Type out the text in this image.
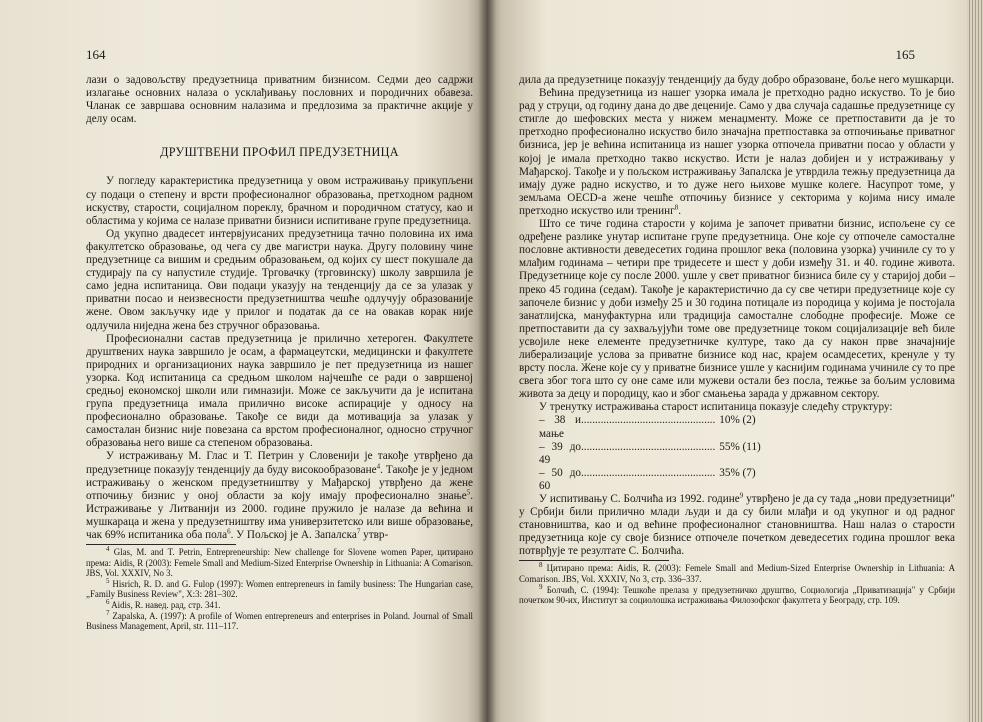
164

лази о задовољству предузетница приватним бизнисом. Седми део садржи излагање основних налаза о усклађивању пословних и породичних обавеза. Чланак се завршава основним налазима и предлозима за практичне акције у делу осам.

ДРУШТВЕНИ ПРОФИЛ ПРЕДУЗЕТНИЦА

У погледу карактеристика предузетница у овом истраживању прикупљени су подаци о степену и врсти професионалног образовања, претходном радном искуству, старости, социјалном пореклу, брачном и породичном статусу, као и областима у којима се налазе приватни бизниси испитиване групе предузетница.

Од укупно двадесет интервјуисаних предузетница тачно половина их има факултетско образовање, од чега су две магистри наука. Другу половину чине предузетнице са вишим и средњим образовањем, од којих су шест покушале да студирају па су напустиле студије. Трговачку (трговинску) школу завршила је само једна испитаница. Ови подаци указују на тенденцију да се за улазак у приватни посао и неизвесности предузетништва чешће одлучују образованије жене. Овом закључку иде у прилог и податак да се на овакав корак није одлучила ниједна жена без стручног образовања.

Професионални састав предузетница је прилично хетероген. Факултете друштвених наука завршило је осам, а фармацеутски, медицински и факултете природних и организационих наука завршило је пет предузетница из нашег узорка. Код испитаница са средњом школом најчешће се ради о завршеној средњој економској школи или гимназији. Може се закључити да је испитана група предузетница имала прилично високе аспирације у односу на професионално образовање. Такође се види да мотивација за улазак у самосталан бизнис није повезана са врстом професионалног, односно стручног образовања него више са степеном образовања.

У истраживању М. Глас и Т. Петрин у Словенији је такође утврђено да предузетнице показују тенденцију да буду високообразоване$^4$. Такође је у једном истраживању о женском предузетништву у Мађарској утврђено да жене отпочињу бизнис у оној области за коју имају професионално знање$^5$. Истраживање у Литванији из 2000. године пружило је налазе да већина и мушкараца и жена у предузетништву има универзитетско или више образовање, чак 69% испитаника оба пола$^6$. У Пољској је А. Запалска$^7$ утвр-

$^4$ Glas, M. and T. Petrin, Entrepreneurship: New challenge for Slovene women Paper, цитирано према: Aidis, R (2003): Femele Small and Medium-Sized Enterprise Ownership in Lithuania: A Comarison. JBS, Vol. XXXIV, No 3.

$^5$ Hisrich, R. D. and G. Fulop (1997): Women entrepreneurs in family business: The Hungarian case, „Family Business Review", X:3: 281–302.

$^6$ Aidis, R. навед. рад, стр. 341.

$^7$ Zapalska, A. (1997): A profile of Women entrepreneurs and enterprises in Poland. Journal of Small Business Management, April, str. 111–117.

165

дила да предузетнице показују тенденцију да буду добро образоване, боље него мушкарци.

Већина предузетница из нашег узорка имала је претходно радно искуство. То је био рад у струци, од годину дана до две деценије. Само у два случаја садашње предузетнице су стигле до шефовских места у нижем менаџменту. Може се претпоставити да је то претходно професионално искуство било значајна претпоставка за отпочињање приватног бизниса, јер је већина испитаница из нашег узорка отпочела приватни посао у области у којој је имала претходно такво искуство. Исти је налаз добијен и у истраживању у Мађарској. Такође и у пољском истраживању Запалска је утврдила тежњу предузетница да имају дуже радно искуство, и то дуже него њихове мушке колеге. Насупрот томе, у земљама OECD-а жене чешће отпочињу бизнисе у секторима у којима нису имале претходно искуство или тренинг$^8$.

Што се тиче година старости у којима је започет приватни бизнис, испољене су се одређене разлике унутар испитане групе предузетница. Оне које су отпочеле самосталне пословне активности деведесетих година прошлог века (половина узорка) учиниле су то у млађим годинама – четири пре тридесете и шест у доби између 31. и 40. године живота. Предузетнице које су после 2000. ушле у свет приватног бизниса биле су у старијој доби – преко 45 година (седам). Такође је карактеристично да су све четири предузетнице које су започеле бизнис у доби између 25 и 30 година потицале из породица у којима је постојала занатлијска, мануфактурна или традиција самосталне слободне професије. Може се претпоставити да су захваљујући томе ове предузетнице током социјализације већ биле усвојиле неке елементе предузетничке културе, тако да су након прве значајније либерализације услова за приватне бизнисе код нас, крајем осамдесетих, кренуле у ту врсту посла. Жене које су у приватне бизнисе ушле у каснијим годинама учиниле су то пре свега због тога што су оне саме или мужеви остали без посла, тежње за бољим условима живота за децу и породицу, као и због смањења зарада у државном сектору.

У тренутку истраживања старост испитаница показује следећу структуру:

– 38 и мање
................................................ 10% (2)
– 39 до 49
................................................ 55% (11)
– 50 до 60
................................................ 35% (7)

У испитивању С. Болчића из 1992. године$^9$ утврђено је да су тада „нови предузетници" у Србији били прилично млади људи и да су били млађи и од укупног и од радног становништва, као и од већине професионалног становништва. Наш налаз о старости предузетница које су своје бизнисе отпочеле почетком деведесетих година прошлог века потврђује те резултате С. Болчића.

$^8$ Цитирано према: Aidis, R. (2003): Femele Small and Medium-Sized Enterprise Ownership in Lithuania: A Comarison. JBS, Vol. XXXIV, No 3, стр. 336–337.

$^9$ Болчић, С. (1994): Тешкоће прелаза у предузетничко друштво, Социологија „Приватизација" у Србији почетком 90-их, Институт за социолошка истраживања Филозофског факултета у Београду, стр. 109.
